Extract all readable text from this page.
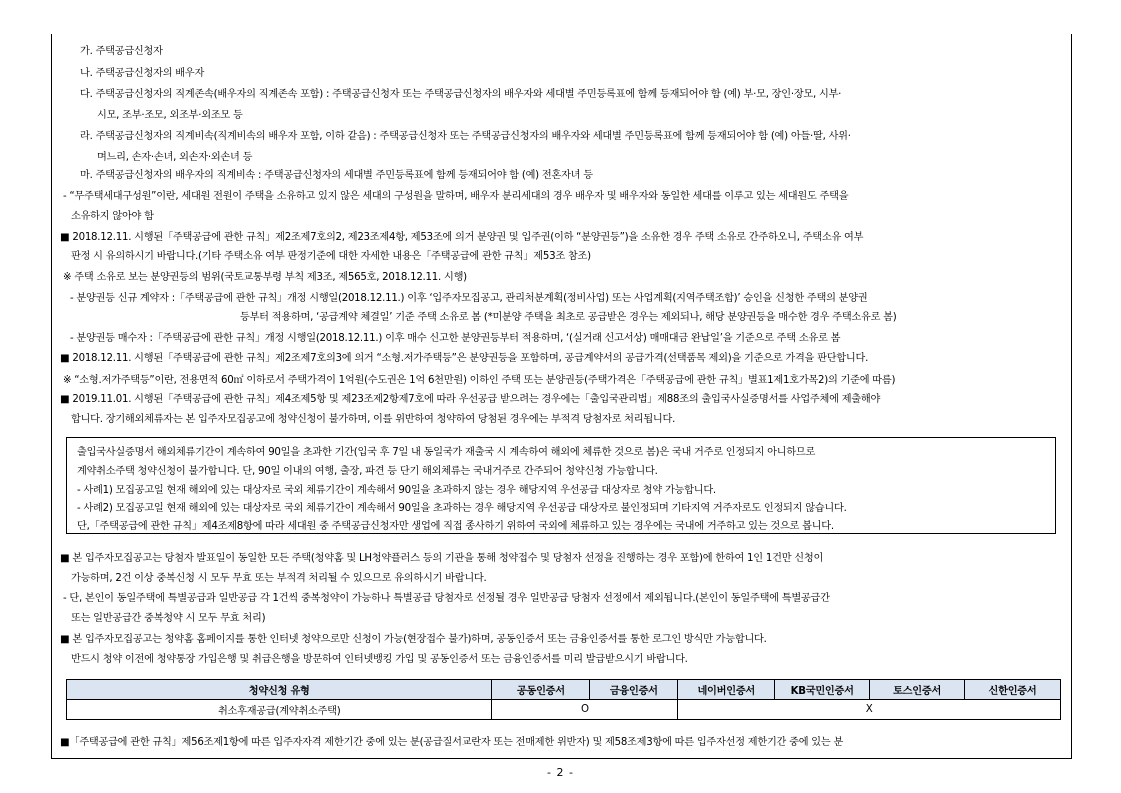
가. 주택공급신청자
나. 주택공급신청자의 배우자
다. 주택공급신청자의 직계존속(배우자의 직계존속 포함) : 주택공급신청자 또는 주택공급신청자의 배우자와 세대별 주민등록표에 함께 등재되어야 함 (예) 부·모, 장인·장모, 시부·
시모, 조부·조모, 외조부·외조모 등
라. 주택공급신청자의 직계비속(직계비속의 배우자 포함, 이하 같음) : 주택공급신청자 또는 주택공급신청자의 배우자와 세대별 주민등록표에 함께 등재되어야 함 (예) 아들·딸, 사위·
며느리, 손자·손녀, 외손자·외손녀 등
마. 주택공급신청자의 배우자의 직계비속 : 주택공급신청자의 세대별 주민등록표에 함께 등재되어야 함 (예) 전혼자녀 등
- “무주택세대구성원”이란, 세대원 전원이 주택을 소유하고 있지 않은 세대의 구성원을 말하며, 배우자 분리세대의 경우 배우자 및 배우자와 동일한 세대를 이루고 있는 세대원도 주택을
소유하지 않아야 함
■ 2018.12.11. 시행된「주택공급에 관한 규칙」제2조제7호의2, 제23조제4항, 제53조에 의거 분양권 및 입주권(이하 “분양권등”)을 소유한 경우 주택 소유로 간주하오니, 주택소유 여부
판정 시 유의하시기 바랍니다.(기타 주택소유 여부 판정기준에 대한 자세한 내용은「주택공급에 관한 규칙」제53조 참조)
※ 주택 소유로 보는 분양권등의 범위(국토교통부령 부칙 제3조, 제565호, 2018.12.11. 시행)
- 분양권등 신규 계약자 :「주택공급에 관한 규칙」개정 시행일(2018.12.11.) 이후 ‘입주자모집공고, 관리처분계획(정비사업) 또는 사업계획(지역주택조합)’ 승인을 신청한 주택의 분양권
등부터 적용하며, ‘공급계약 체결일’ 기준 주택 소유로 봄 (*미분양 주택을 최초로 공급받은 경우는 제외되나, 해당 분양권등을 매수한 경우 주택소유로 봄)
- 분양권등 매수자 :「주택공급에 관한 규칙」개정 시행일(2018.12.11.) 이후 매수 신고한 분양권등부터 적용하며, ‘(실거래 신고서상) 매매대금 완납일’을 기준으로 주택 소유로 봄
■ 2018.12.11. 시행된「주택공급에 관한 규칙」제2조제7호의3에 의거 “소형.저가주택등”은 분양권등을 포함하며, 공급계약서의 공급가격(선택품목 제외)을 기준으로 가격을 판단합니다.
※ “소형.저가주택등”이란, 전용면적 60㎡ 이하로서 주택가격이 1억원(수도권은 1억 6천만원) 이하인 주택 또는 분양권등(주택가격은「주택공급에 관한 규칙」별표1제1호가목2)의 기준에 따름)
■ 2019.11.01. 시행된「주택공급에 관한 규칙」제4조제5항 및 제23조제2항제7호에 따라 우선공급 받으려는 경우에는「출입국관리법」제88조의 출입국사실증명서를 사업주체에 제출해야
합니다. 장기해외체류자는 본 입주자모집공고에 청약신청이 불가하며, 이를 위반하여 청약하여 당첨된 경우에는 부적격 당첨자로 처리됩니다.
출입국사실증명서 해외체류기간이 계속하여 90일을 초과한 기간(입국 후 7일 내 동일국가 재출국 시 계속하여 해외에 체류한 것으로 봄)은 국내 거주로 인정되지 아니하므로
계약취소주택 청약신청이 불가합니다. 단, 90일 이내의 여행, 출장, 파견 등 단기 해외체류는 국내거주로 간주되어 청약신청 가능합니다.
- 사례1) 모집공고일 현재 해외에 있는 대상자로 국외 체류기간이 계속해서 90일을 초과하지 않는 경우 해당지역 우선공급 대상자로 청약 가능합니다.
- 사례2) 모집공고일 현재 해외에 있는 대상자로 국외 체류기간이 계속해서 90일을 초과하는 경우 해당지역 우선공급 대상자로 불인정되며 기타지역 거주자로도 인정되지 않습니다.
단,「주택공급에 관한 규칙」제4조제8항에 따라 세대원 중 주택공급신청자만 생업에 직접 종사하기 위하여 국외에 체류하고 있는 경우에는 국내에 거주하고 있는 것으로 봅니다.
■ 본 입주자모집공고는 당첨자 발표일이 동일한 모든 주택(청약홈 및 LH청약플러스 등의 기관을 통해 청약접수 및 당첨자 선정을 진행하는 경우 포함)에 한하여 1인 1건만 신청이
가능하며, 2건 이상 중복신청 시 모두 무효 또는 부적격 처리될 수 있으므로 유의하시기 바랍니다.
- 단, 본인이 동일주택에 특별공급과 일반공급 각 1건씩 중복청약이 가능하나 특별공급 당첨자로 선정될 경우 일반공급 당첨자 선정에서 제외됩니다.(본인이 동일주택에 특별공급간
또는 일반공급간 중복청약 시 모두 무효 처리)
■ 본 입주자모집공고는 청약홈 홈페이지를 통한 인터넷 청약으로만 신청이 가능(현장접수 불가)하며, 공동인증서 또는 금융인증서를 통한 로그인 방식만 가능합니다.
반드시 청약 이전에 청약통장 가입은행 및 취급은행을 방문하여 인터넷뱅킹 가입 및 공동인증서 또는 금융인증서를 미리 발급받으시기 바랍니다.
청약신청 유형	공동인증서	금융인증서	네이버인증서	KB국민인증서	토스인증서	신한인증서
취소후재공급(계약취소주택)	O		X			
■「주택공급에 관한 규칙」제56조제1항에 따른 입주자자격 제한기간 중에 있는 분(공급질서교란자 또는 전매제한 위반자) 및 제58조제3항에 따른 입주자선정 제한기간 중에 있는 분
- 2 -
